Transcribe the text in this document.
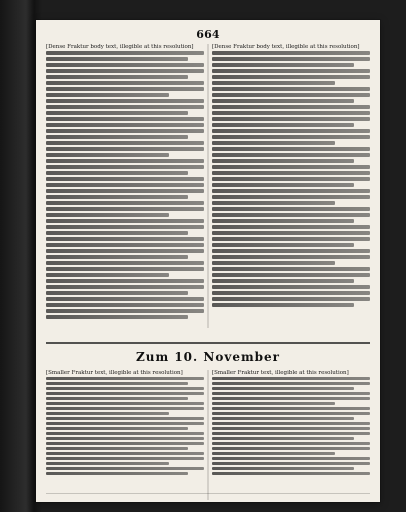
664
[Dense Fraktur body text, illegible at this resolution]	[Dense Fraktur body text, illegible at this resolution]
Zum 10. November
[Smaller Fraktur text, illegible at this resolution]	[Smaller Fraktur text, illegible at this resolution]
